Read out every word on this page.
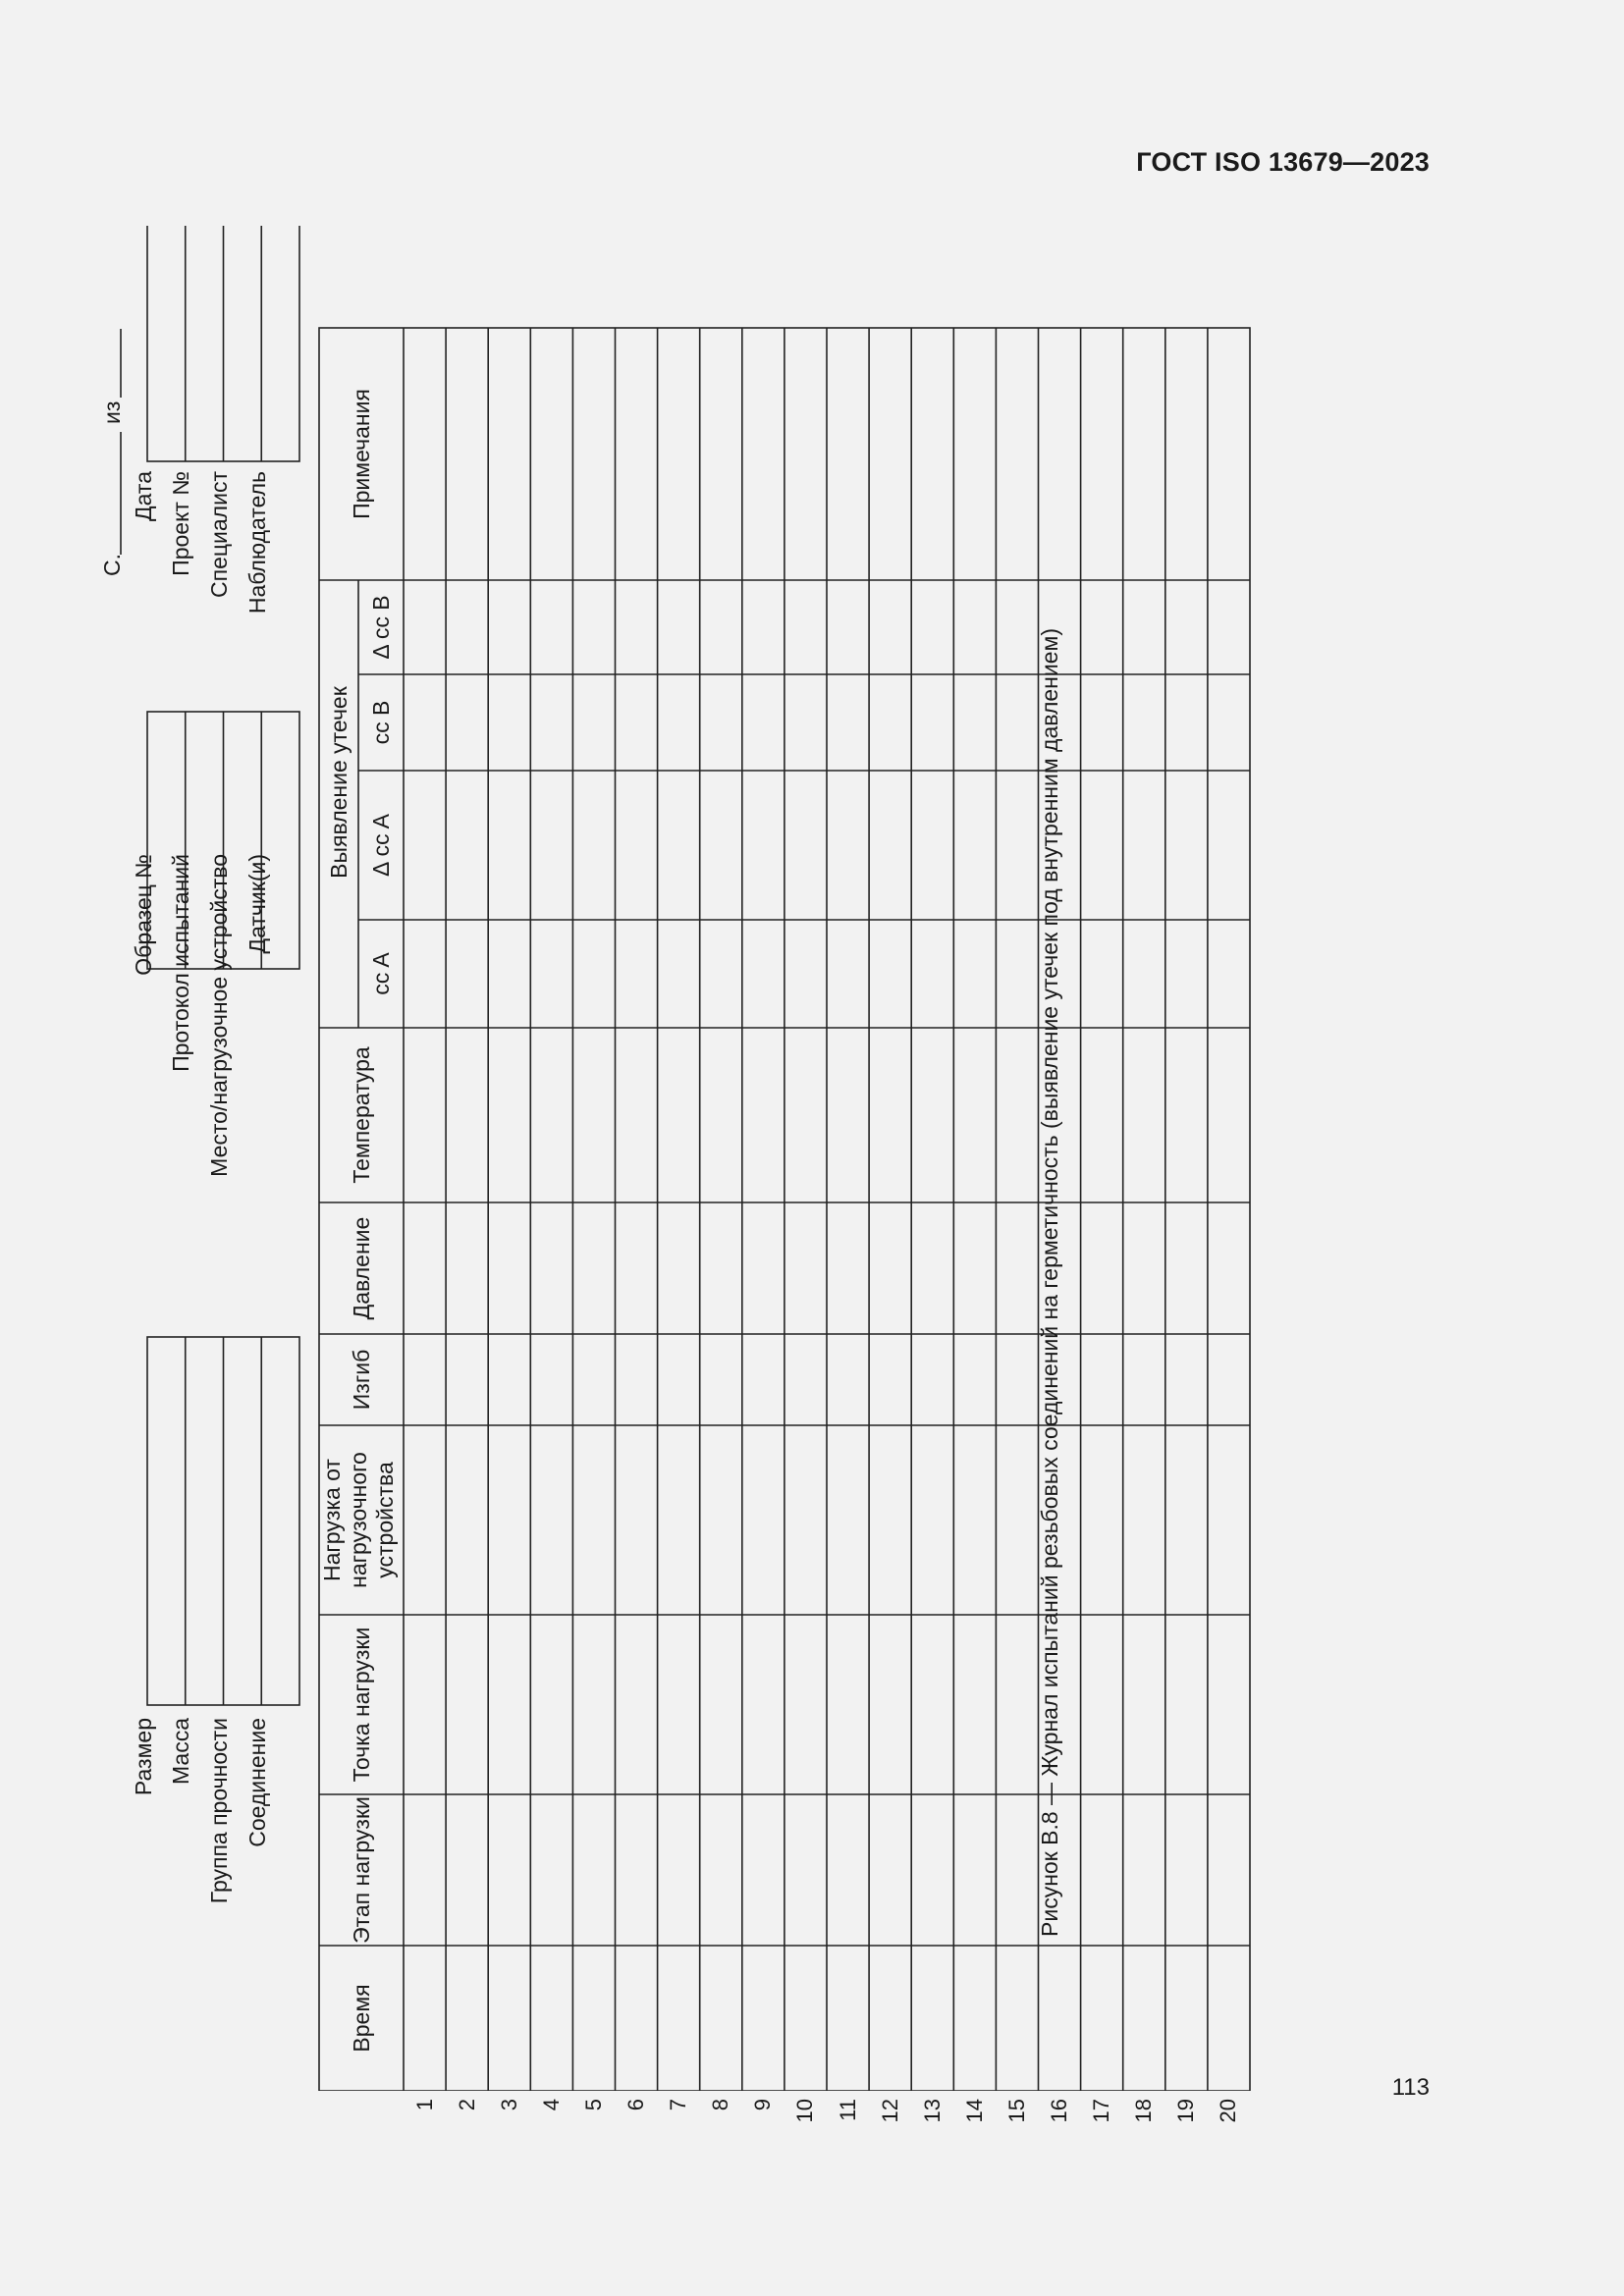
ГОСТ ISO 13679—2023
С.
из
Размер Масса Группа прочности Соединение
Образец № Протокол испытаний Место/нагрузочное устройство Датчик(и)
Дата Проект № Специалист Наблюдатель
Время
Этап нагрузки
Точка нагрузки
Нагрузка от нагрузочного устройства
Изгиб
Давление
Температура
Выявление утечек
cc A
Δ cc A
cc B
Δ cc B
Примечания
1 2 3 4 5 6 7 8 9 10 11 12 13 14 15 16 17 18 19 20
Рисунок В.8 — Журнал испытаний резьбовых соединений на герметичность (выявление утечек под внутренним давлением)
113
